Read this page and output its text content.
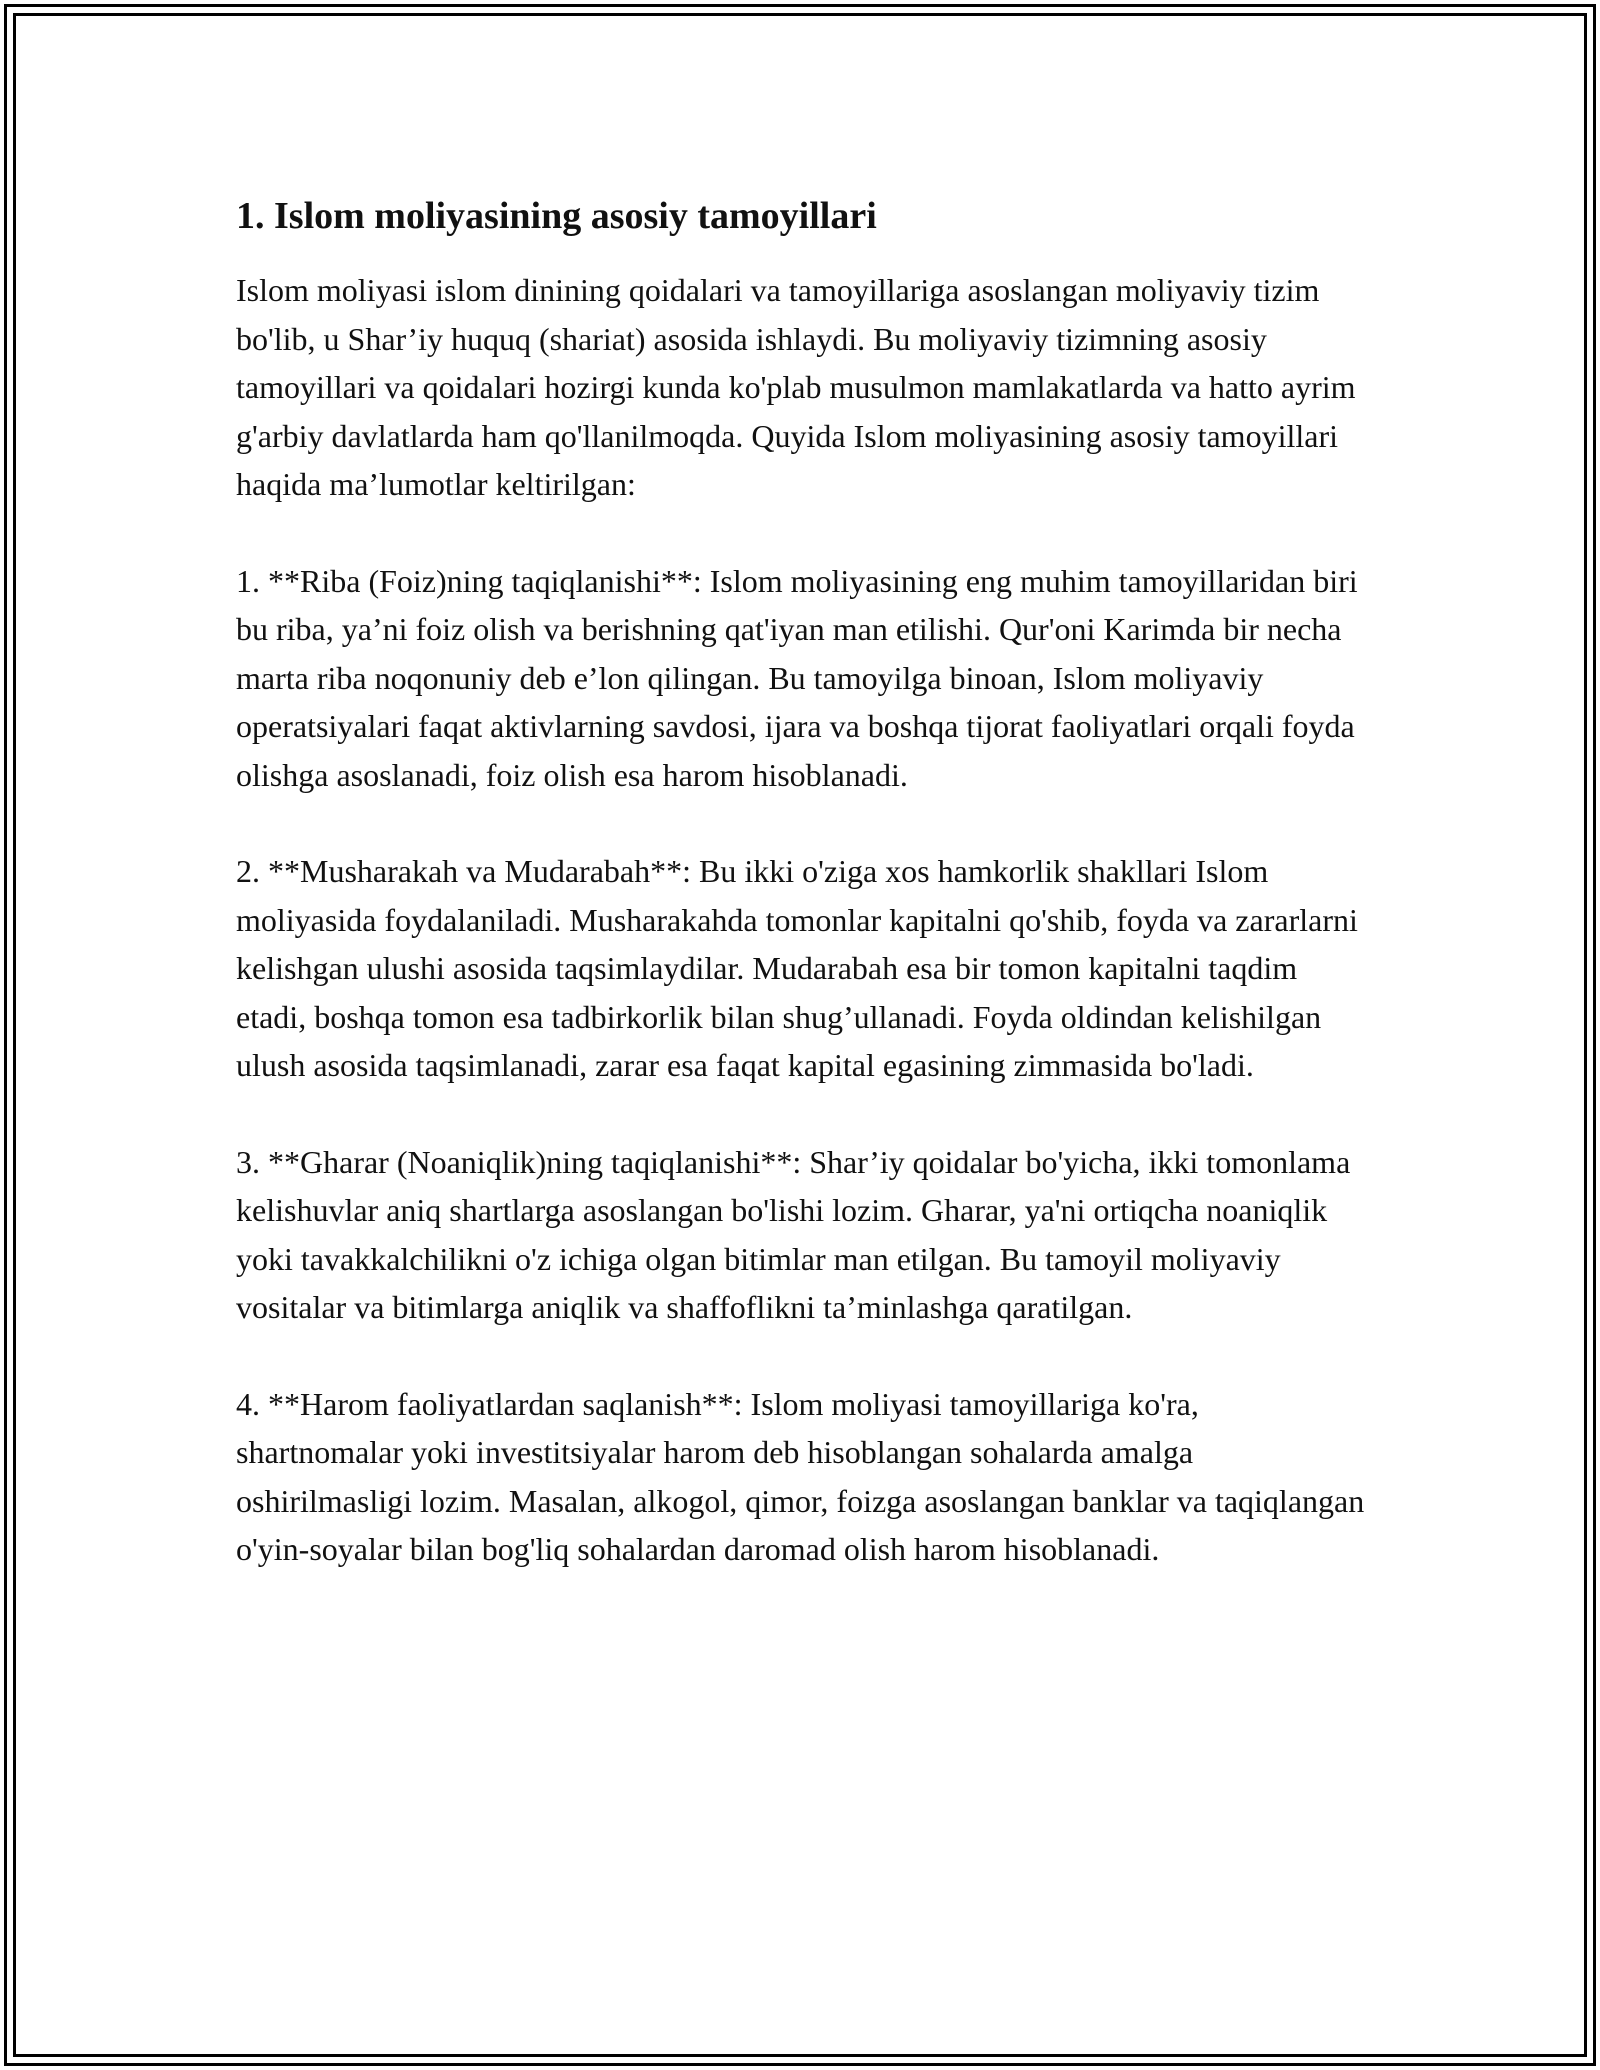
1. Islom moliyasining asosiy tamoyillari

Islom moliyasi islom dinining qoidalari va tamoyillariga asoslangan moliyaviy tizim bo'lib, u Shar’iy huquq (shariat) asosida ishlaydi. Bu moliyaviy tizimning asosiy tamoyillari va qoidalari hozirgi kunda ko'plab musulmon mamlakatlarda va hatto ayrim g'arbiy davlatlarda ham qo'llanilmoqda. Quyida Islom moliyasining asosiy tamoyillari haqida ma’lumotlar keltirilgan:

1. **Riba (Foiz)ning taqiqlanishi**: Islom moliyasining eng muhim tamoyillaridan biri bu riba, ya’ni foiz olish va berishning qat'iyan man etilishi. Qur'oni Karimda bir necha marta riba noqonuniy deb e’lon qilingan. Bu tamoyilga binoan, Islom moliyaviy operatsiyalari faqat aktivlarning savdosi, ijara va boshqa tijorat faoliyatlari orqali foyda olishga asoslanadi, foiz olish esa harom hisoblanadi.

2. **Musharakah va Mudarabah**: Bu ikki o'ziga xos hamkorlik shakllari Islom moliyasida foydalaniladi. Musharakahda tomonlar kapitalni qo'shib, foyda va zararlarni kelishgan ulushi asosida taqsimlaydilar. Mudarabah esa bir tomon kapitalni taqdim etadi, boshqa tomon esa tadbirkorlik bilan shug’ullanadi. Foyda oldindan kelishilgan ulush asosida taqsimlanadi, zarar esa faqat kapital egasining zimmasida bo'ladi.

3. **Gharar (Noaniqlik)ning taqiqlanishi**: Shar’iy qoidalar bo'yicha, ikki tomonlama kelishuvlar aniq shartlarga asoslangan bo'lishi lozim. Gharar, ya'ni ortiqcha noaniqlik yoki tavakkalchilikni o'z ichiga olgan bitimlar man etilgan. Bu tamoyil moliyaviy vositalar va bitimlarga aniqlik va shaffoflikni ta’minlashga qaratilgan.

4. **Harom faoliyatlardan saqlanish**: Islom moliyasi tamoyillariga ko'ra, shartnomalar yoki investitsiyalar harom deb hisoblangan sohalarda amalga oshirilmasligi lozim. Masalan, alkogol, qimor, foizga asoslangan banklar va taqiqlangan o'yin-soyalar bilan bog'liq sohalardan daromad olish harom hisoblanadi.
